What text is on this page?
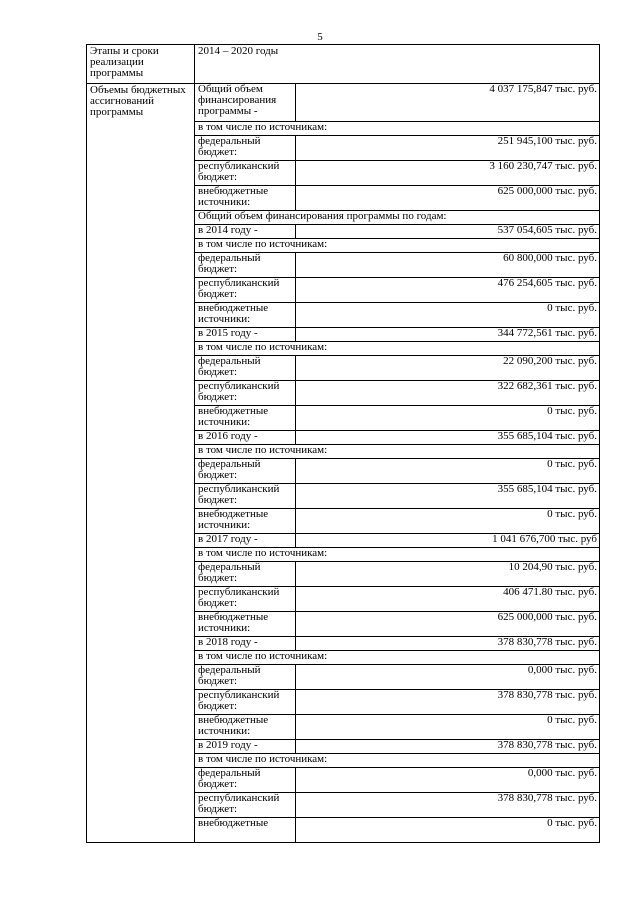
5
Этапы и сроки реализации программы	2014 – 2020 годы	
Объемы бюджетных ассигнований программы	Общий объем финансирования программы -	4 037 175,847 тыс. руб.
	в том числе по источникам:	
	федеральный бюджет:	251 945,100 тыс. руб.
	республиканский бюджет:	3 160 230,747 тыс. руб.
	внебюджетные источники:	625 000,000 тыс. руб.
	Общий объем финансирования программы по годам:	
	в 2014 году -	537 054,605 тыс. руб.
	в том числе по источникам:	
	федеральный бюджет:	60 800,000 тыс. руб.
	республиканский бюджет:	476 254,605 тыс. руб.
	внебюджетные источники:	0 тыс. руб.
	в 2015 году -	344 772,561 тыс. руб.
	в том числе по источникам:	
	федеральный бюджет:	22 090,200 тыс. руб.
	республиканский бюджет:	322 682,361 тыс. руб.
	внебюджетные источники:	0 тыс. руб.
	в 2016 году -	355 685,104 тыс. руб.
	в том числе по источникам:	
	федеральный бюджет:	0 тыс. руб.
	республиканский бюджет:	355 685,104 тыс. руб.
	внебюджетные источники:	0 тыс. руб.
	в 2017 году -	1 041 676,700 тыс. руб
	в том числе по источникам:	
	федеральный бюджет:	10 204,90 тыс. руб.
	республиканский бюджет:	406 471.80 тыс. руб.
	внебюджетные источники:	625 000,000 тыс. руб.
	в 2018 году -	378 830,778 тыс. руб.
	в том числе по источникам:	
	федеральный бюджет:	0,000 тыс. руб.
	республиканский бюджет:	378 830,778 тыс. руб.
	внебюджетные источники:	0 тыс. руб.
	в 2019 году -	378 830,778 тыс. руб.
	в том числе по источникам:	
	федеральный бюджет:	0,000 тыс. руб.
	республиканский бюджет:	378 830,778 тыс. руб.
	внебюджетные	0 тыс. руб.
